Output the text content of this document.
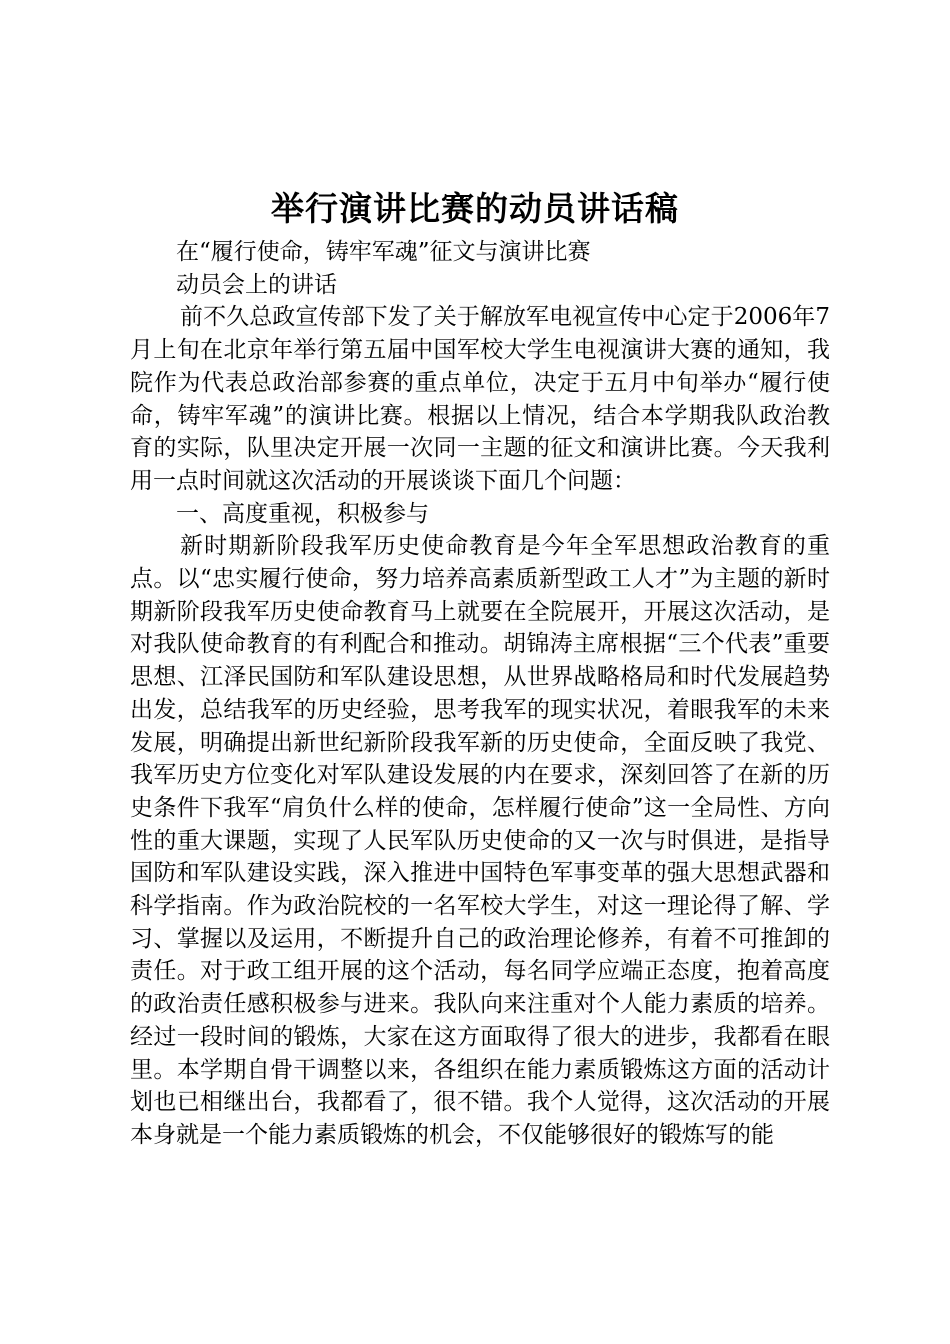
举行演讲比赛的动员讲话稿

在“履行使命，铸牢军魂”征文与演讲比赛

动员会上的讲话

前不久总政宣传部下发了关于解放军电视宣传中心定于2006年7月上旬在北京年举行第五届中国军校大学生电视演讲大赛的通知，我院作为代表总政治部参赛的重点单位，决定于五月中旬举办“履行使命，铸牢军魂”的演讲比赛。根据以上情况，结合本学期我队政治教育的实际，队里决定开展一次同一主题的征文和演讲比赛。今天我利用一点时间就这次活动的开展谈谈下面几个问题：

一、高度重视，积极参与

新时期新阶段我军历史使命教育是今年全军思想政治教育的重点。以“忠实履行使命，努力培养高素质新型政工人才”为主题的新时期新阶段我军历史使命教育马上就要在全院展开，开展这次活动，是对我队使命教育的有利配合和推动。胡锦涛主席根据“三个代表”重要思想、江泽民国防和军队建设思想，从世界战略格局和时代发展趋势出发，总结我军的历史经验，思考我军的现实状况，着眼我军的未来发展，明确提出新世纪新阶段我军新的历史使命，全面反映了我党、我军历史方位变化对军队建设发展的内在要求，深刻回答了在新的历史条件下我军“肩负什么样的使命，怎样履行使命”这一全局性、方向性的重大课题，实现了人民军队历史使命的又一次与时俱进，是指导国防和军队建设实践，深入推进中国特色军事变革的强大思想武器和科学指南。作为政治院校的一名军校大学生，对这一理论得了解、学习、掌握以及运用，不断提升自己的政治理论修养，有着不可推卸的责任。对于政工组开展的这个活动，每名同学应端正态度，抱着高度的政治责任感积极参与进来。我队向来注重对个人能力素质的培养。经过一段时间的锻炼，大家在这方面取得了很大的进步，我都看在眼里。本学期自骨干调整以来，各组织在能力素质锻炼这方面的活动计划也已相继出台，我都看了，很不错。我个人觉得，这次活动的开展本身就是一个能力素质锻炼的机会，不仅能够很好的锻炼写的能
